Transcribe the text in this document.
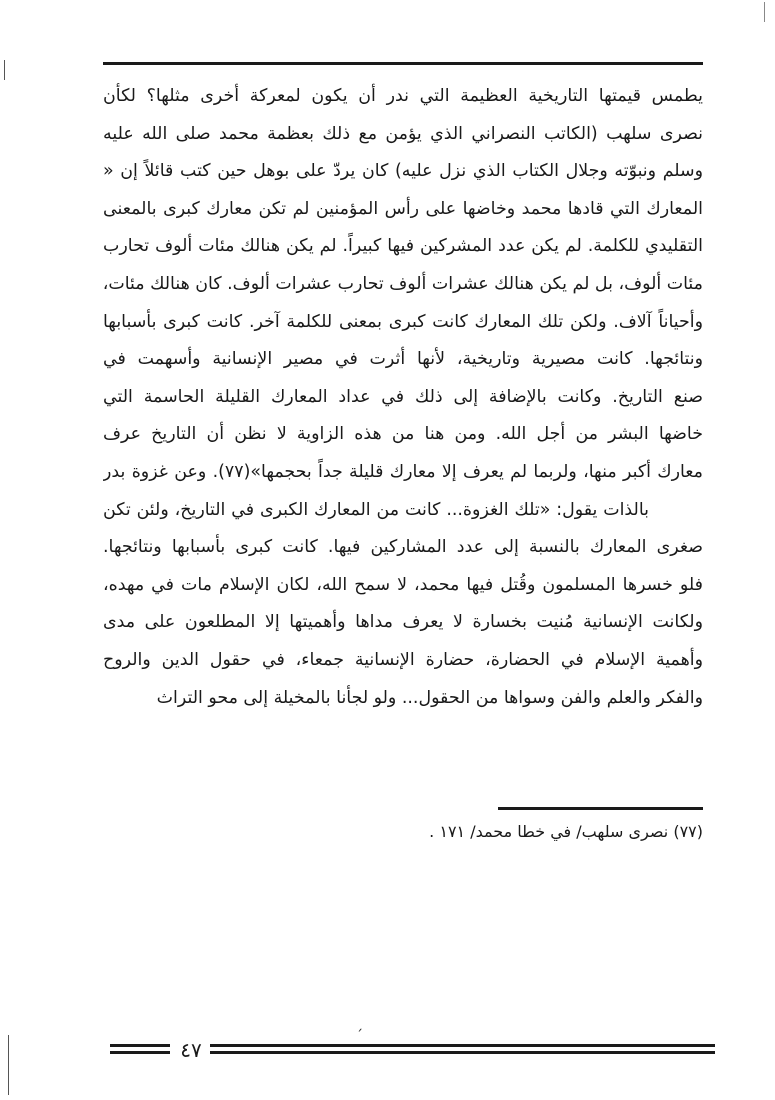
يطمس قيمتها التاريخية العظيمة التي ندر أن يكون لمعركة أخرى مثلها؟ لكأن
نصرى سلهب (الكاتب النصراني الذي يؤمن مع ذلك بعظمة محمد صلى الله عليه
وسلم ونبوّته وجلال الكتاب الذي نزل عليه) كان يردّ على بوهل حين كتب قائلاً إن «
المعارك التي قادها محمد وخاضها على رأس المؤمنين لم تكن معارك كبرى بالمعنى
التقليدي للكلمة. لم يكن عدد المشركين فيها كبيراً. لم يكن هنالك مئات ألوف تحارب
مئات ألوف، بل لم يكن هنالك عشرات ألوف تحارب عشرات ألوف. كان هنالك مئات،
وأحياناً آلاف. ولكن تلك المعارك كانت كبرى بمعنى للكلمة آخر. كانت كبرى بأسبابها
ونتائجها. كانت مصيرية وتاريخية، لأنها أثرت في مصير الإنسانية وأسهمت في
صنع التاريخ. وكانت بالإضافة إلى ذلك في عداد المعارك القليلة الحاسمة التي
خاضها البشر من أجل الله. ومن هنا من هذه الزاوية لا نظن أن التاريخ عرف
معارك أكبر منها، ولربما لم يعرف إلا معارك قليلة جداً بحجمها»(٧٧). وعن غزوة بدر
بالذات يقول: «تلك الغزوة... كانت من المعارك الكبرى في التاريخ، ولئن تكن
صغرى المعارك بالنسبة إلى عدد المشاركين فيها. كانت كبرى بأسبابها ونتائجها.
فلو خسرها المسلمون وقُتل فيها محمد، لا سمح الله، لكان الإسلام مات في مهده،
ولكانت الإنسانية مُنيت بخسارة لا يعرف مداها وأهميتها إلا المطلعون على مدى
وأهمية الإسلام في الحضارة، حضارة الإنسانية جمعاء، في حقول الدين والروح
والفكر والعلم والفن وسواها من الحقول... ولو لجأنا بالمخيلة إلى محو التراث
(٧٧) نصرى سلهب/ في خطا محمد/ ١٧١ .
ˏ
٤٧
